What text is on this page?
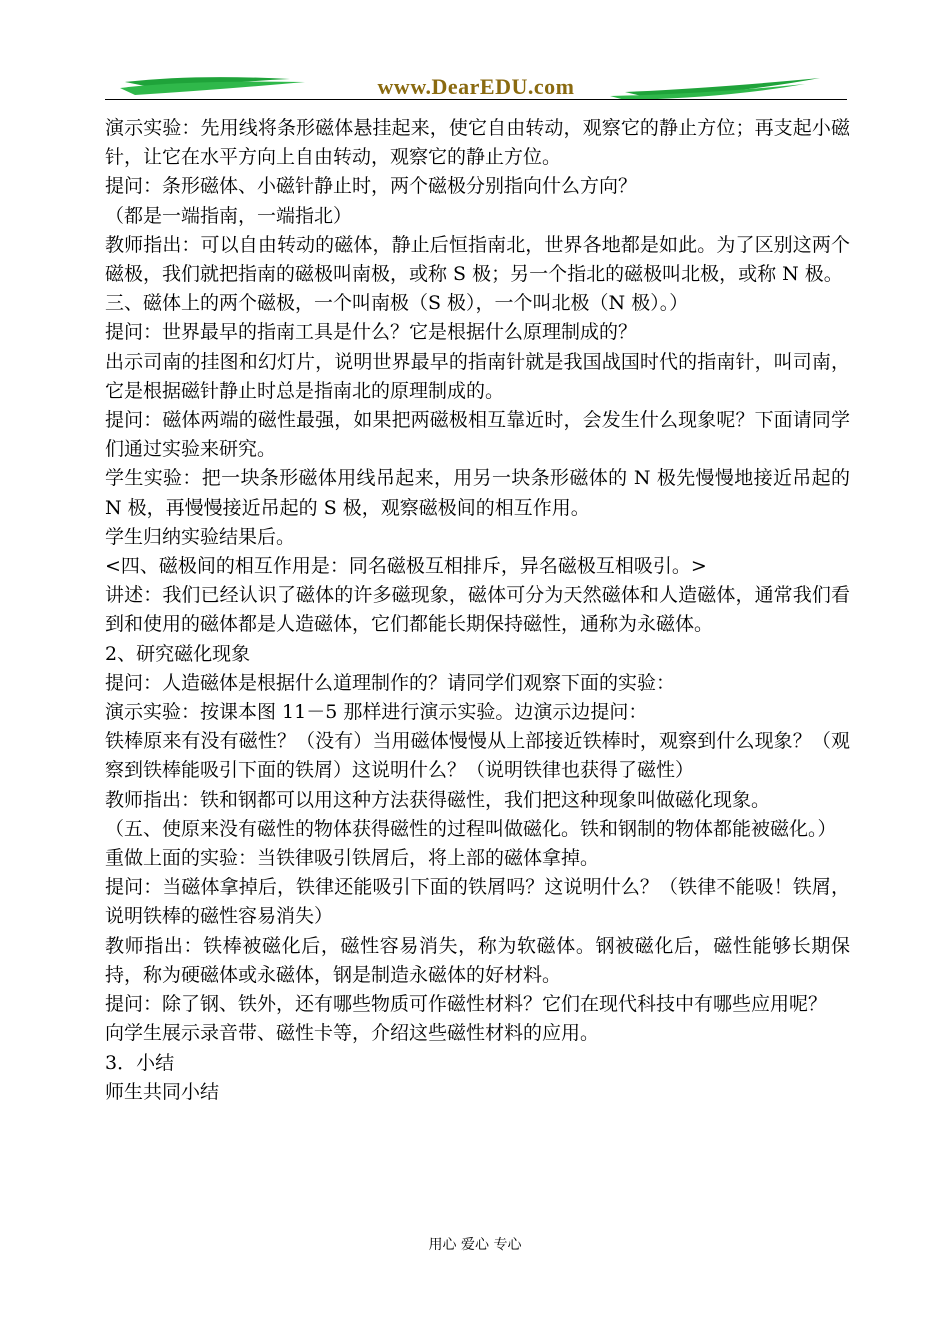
www.DearEDU.com

演示实验：先用线将条形磁体悬挂起来，使它自由转动，观察它的静止方位；再支起小磁针，让它在水平方向上自由转动，观察它的静止方位。

提问：条形磁体、小磁针静止时，两个磁极分别指向什么方向？

（都是一端指南，一端指北）

教师指出：可以自由转动的磁体，静止后恒指南北，世界各地都是如此。为了区别这两个磁极，我们就把指南的磁极叫南极，或称 S 极；另一个指北的磁极叫北极，或称 N 极。

三、磁体上的两个磁极，一个叫南极（S 极），一个叫北极（N 极）。）

提问：世界最早的指南工具是什么？它是根据什么原理制成的？

出示司南的挂图和幻灯片，说明世界最早的指南针就是我国战国时代的指南针，叫司南，它是根据磁针静止时总是指南北的原理制成的。

提问：磁体两端的磁性最强，如果把两磁极相互靠近时，会发生什么现象呢？下面请同学们通过实验来研究。

学生实验：把一块条形磁体用线吊起来，用另一块条形磁体的 N 极先慢慢地接近吊起的 N 极，再慢慢接近吊起的 S 极，观察磁极间的相互作用。

学生归纳实验结果后。

<四、磁极间的相互作用是：同名磁极互相排斥，异名磁极互相吸引。>

讲述：我们已经认识了磁体的许多磁现象，磁体可分为天然磁体和人造磁体，通常我们看到和使用的磁体都是人造磁体，它们都能长期保持磁性，通称为永磁体。

2、研究磁化现象

提问：人造磁体是根据什么道理制作的？请同学们观察下面的实验：

演示实验：按课本图 11－5 那样进行演示实验。边演示边提问：

铁棒原来有没有磁性？（没有）当用磁体慢慢从上部接近铁棒时，观察到什么现象？（观察到铁棒能吸引下面的铁屑）这说明什么？（说明铁律也获得了磁性）

教师指出：铁和钢都可以用这种方法获得磁性，我们把这种现象叫做磁化现象。

（五、使原来没有磁性的物体获得磁性的过程叫做磁化。铁和钢制的物体都能被磁化。）

重做上面的实验：当铁律吸引铁屑后，将上部的磁体拿掉。

提问：当磁体拿掉后，铁律还能吸引下面的铁屑吗？这说明什么？（铁律不能吸！铁屑，说明铁棒的磁性容易消失）

教师指出：铁棒被磁化后，磁性容易消失，称为软磁体。钢被磁化后，磁性能够长期保持，称为硬磁体或永磁体，钢是制造永磁体的好材料。

提问：除了钢、铁外，还有哪些物质可作磁性材料？它们在现代科技中有哪些应用呢？

向学生展示录音带、磁性卡等，介绍这些磁性材料的应用。

3．小结

师生共同小结

用心 爱心 专心
